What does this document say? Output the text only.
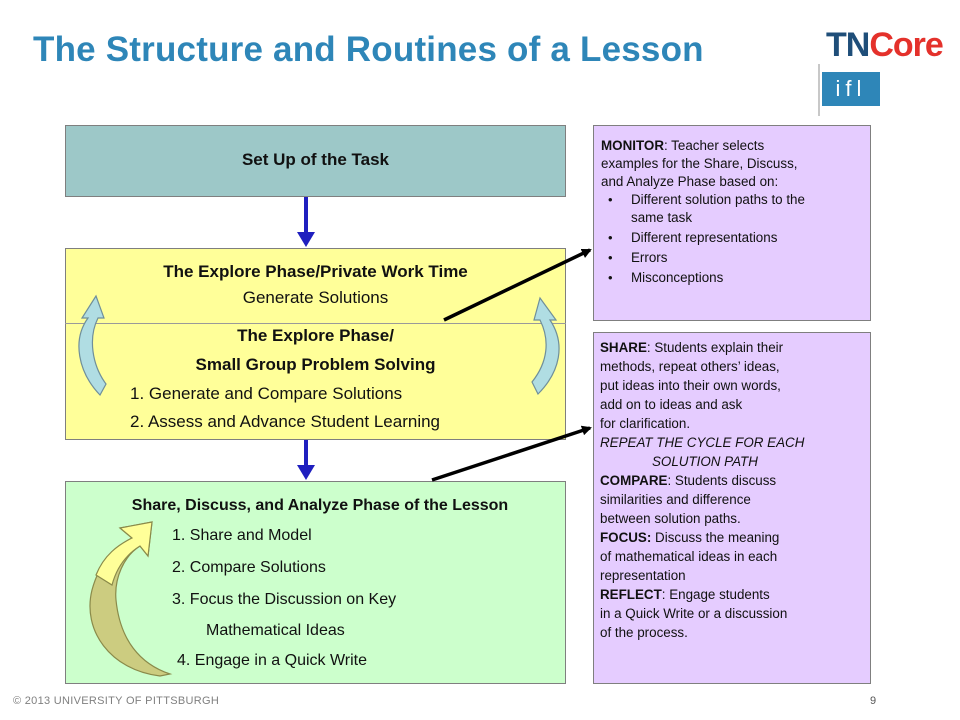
The Structure and Routines of a Lesson	TNCore
ifl
Set Up of the Task
The Explore Phase/Private Work Time
Generate Solutions
The Explore Phase/
Small Group Problem Solving
1. Generate and Compare Solutions
2. Assess and Advance Student Learning
Share, Discuss, and Analyze Phase of the Lesson
1. Share and Model
2. Compare Solutions
3. Focus the Discussion on Key
Mathematical Ideas
4. Engage in a Quick Write
MONITOR: Teacher selects
examples for the Share, Discuss,
and Analyze Phase based on:
• Different solution paths to the
same task
• Different representations
• Errors
• Misconceptions
SHARE: Students explain their
methods, repeat others’ ideas,
put ideas into their own words,
add on to ideas and ask
for clarification.
REPEAT THE CYCLE FOR EACH
SOLUTION PATH
COMPARE: Students discuss
similarities and difference
between solution paths.
FOCUS: Discuss the meaning
of mathematical ideas in each
representation
REFLECT: Engage students
in a Quick Write or a discussion
of the process.
© 2013 UNIVERSITY OF PITTSBURGH	9
